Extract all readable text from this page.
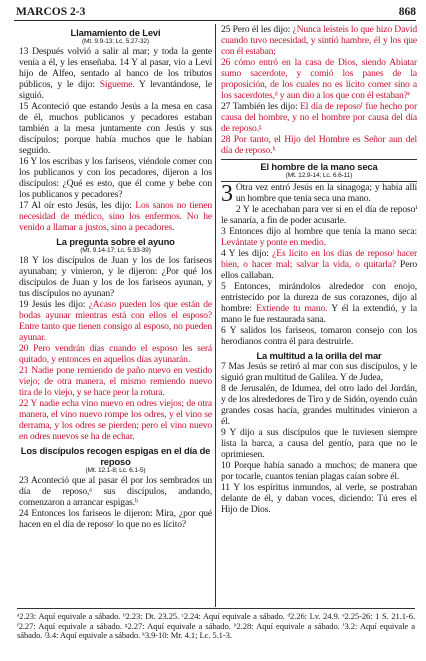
MARCOS 2-3	868

Llamamiento de Levi

(Mt. 9.9-13; Lc. 5.27-32)

13 Después volvió a salir al mar; y toda la gente venía a él, y les enseñaba. 14 Y al pasar, vio a Leví hijo de Alfeo, sentado al banco de los tributos públicos, y le dijo: Sígueme. Y levantándose, le siguió.

15 Aconteció que estando Jesús a la mesa en casa de él, muchos publicanos y pecadores estaban también a la mesa juntamente con Jesús y sus discípulos; porque había muchos que le habían seguido.

16 Y los escribas y los fariseos, viéndole comer con los publicanos y con los pecadores, dijeron a los discípulos: ¿Qué es esto, que él come y bebe con los publicanos y pecadores?

17 Al oír esto Jesús, les dijo: Los sanos no tienen necesidad de médico, sino los enfermos. No he venido a llamar a justos, sino a pecadores.

La pregunta sobre el ayuno

(Mt. 9.14-17; Lc. 5.33-39)

18 Y los discípulos de Juan y los de los fariseos ayunaban; y vinieron, y le dijeron: ¿Por qué los discípulos de Juan y los de los fariseos ayunan, y tus discípulos no ayunan?

19 Jesús les dijo: ¿Acaso pueden los que están de bodas ayunar mientras está con ellos el esposo? Entre tanto que tienen consigo al esposo, no pueden ayunar.

20 Pero vendrán días cuando el esposo les será quitado, y entonces en aquellos días ayunarán.

21 Nadie pone remiendo de paño nuevo en vestido viejo; de otra manera, el mismo remiendo nuevo tira de lo viejo, y se hace peor la rotura.

22 Y nadie echa vino nuevo en odres viejos; de otra manera, el vino nuevo rompe los odres, y el vino se derrama, y los odres se pierden; pero el vino nuevo en odres nuevos se ha de echar.

Los discípulos recogen espigas en el día de reposo

(Mt. 12.1-8; Lc. 6.1-5)

23 Aconteció que al pasar él por los sembrados un día de reposo,ᵃ sus discípulos, andando, comenzaron a arrancar espigas.ᵇ

24 Entonces los fariseos le dijeron: Mira, ¿por qué hacen en el día de reposoᶜ lo que no es lícito?

25 Pero él les dijo: ¿Nunca leísteis lo que hizo David cuando tuvo necesidad, y sintió hambre, él y los que con él estaban;

26 cómo entró en la casa de Dios, siendo Abiatar sumo sacerdote, y comió los panes de la proposición, de los cuales no es lícito comer sino a los sacerdotes,ᵈ y aun dio a los que con él estaban?ᵉ

27 También les dijo: El día de reposoᶠ fue hecho por causa del hombre, y no el hombre por causa del día de reposo.ᵍ

28 Por tanto, el Hijo del Hombre es Señor aun del día de reposo.ʰ

El hombre de la mano seca

(Mt. 12.9-14; Lc. 6.6-11)

3 Otra vez entró Jesús en la sinagoga; y había allí un hombre que tenía seca una mano.

2 Y le acechaban para ver si en el día de reposoⁱ le sanaría, a fin de poder acusarle.

3 Entonces dijo al hombre que tenía la mano seca: Levántate y ponte en medio.

4 Y les dijo: ¿Es lícito en los días de reposoʲ hacer bien, o hacer mal; salvar la vida, o quitarla? Pero ellos callaban.

5 Entonces, mirándolos alrededor con enojo, entristecido por la dureza de sus corazones, dijo al hombre: Extiende tu mano. Y él la extendió, y la mano le fue restaurada sana.

6 Y salidos los fariseos, tomaron consejo con los herodianos contra él para destruirle.

La multitud a la orilla del mar

7 Mas Jesús se retiró al mar con sus discípulos, y le siguió gran multitud de Galilea. Y de Judea,

8 de Jerusalén, de Idumea, del otro lado del Jordán, y de los alrededores de Tiro y de Sidón, oyendo cuán grandes cosas hacía, grandes multitudes vinieron a él.

9 Y dijo a sus discípulos que le tuviesen siempre lista la barca, a causa del gentío, para que no le oprimiesen.

10 Porque había sanado a muchos; de manera que por tocarle, cuantos tenían plagas caían sobre él.

11 Y los espíritus inmundos, al verle, se postraban delante de él, y daban voces, diciendo: Tú eres el Hijo de Dios.

ᵃ2.23: Aquí equivale a sábado. ᵇ2.23: Dt. 23.25. ᶜ2.24: Aquí equivale a sábado. ᵈ2.26: Lv. 24.9. ᵉ2.25-26: 1 S. 21.1-6. ᶠ2.27: Aquí equivale a sábado. ᵍ2.27: Aquí equivale a sábado. ʰ2.28: Aquí equivale a sábado. ⁱ3.2: Aquí equivale a sábado. ʲ3.4: Aquí equivale a sábado. ᵏ3.9-10: Mr. 4.1; Lc. 5.1-3.
